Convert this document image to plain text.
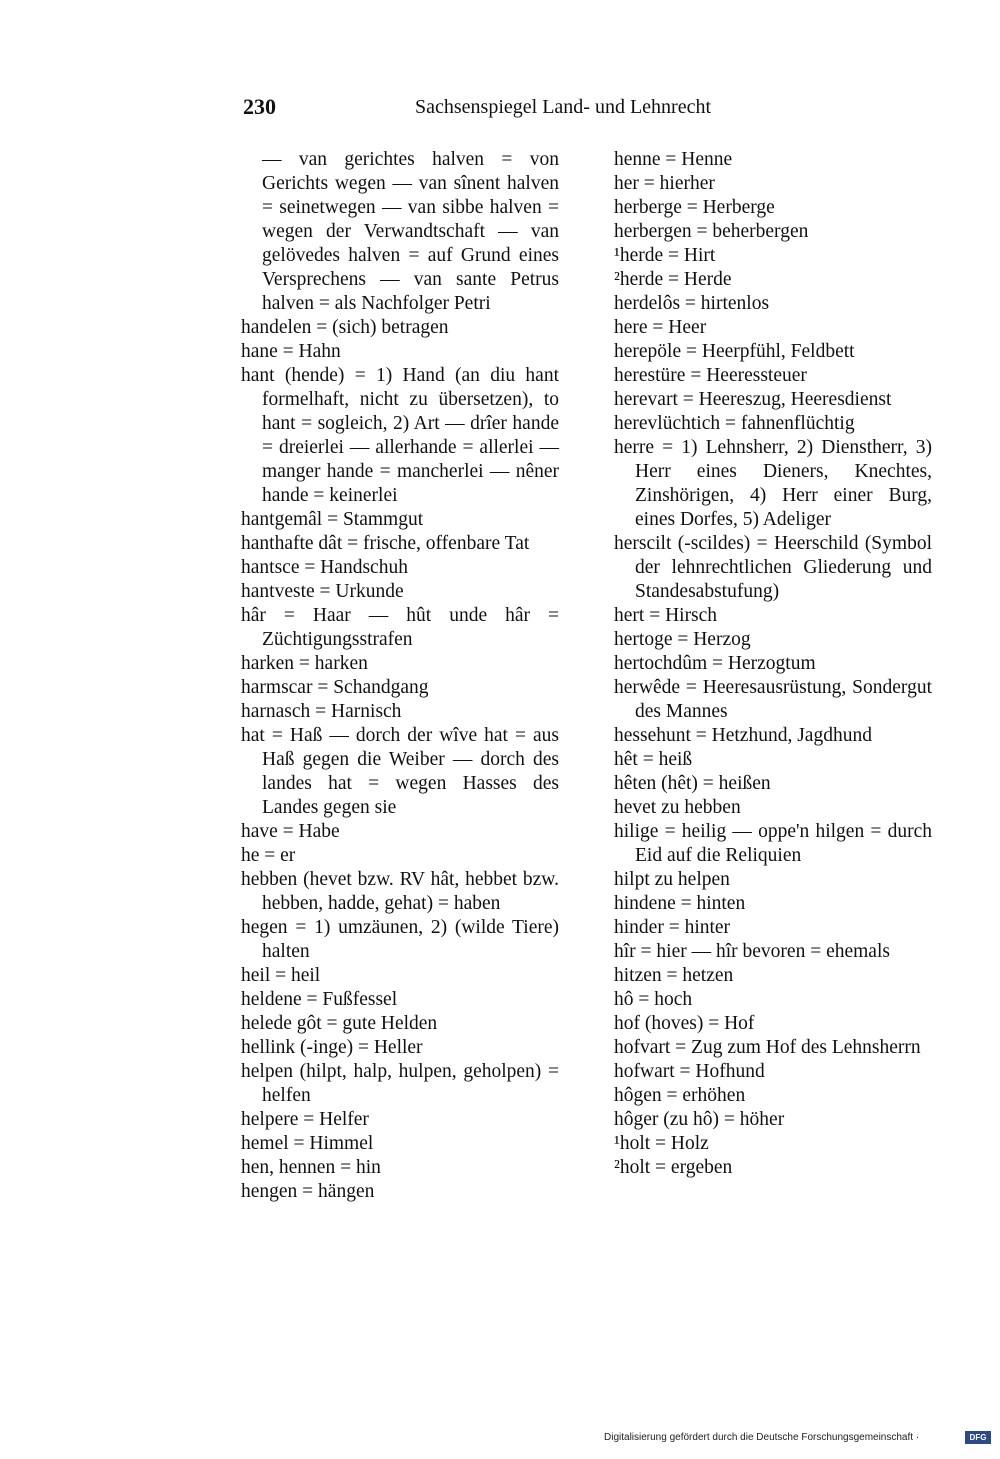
230	Sachsenspiegel Land- und Lehnrecht
— van gerichtes halven = von Gerichts wegen — van sînent halven = seinetwegen — van sibbe halven = wegen der Verwandtschaft — van gelövedes halven = auf Grund eines Versprechens — van sante Petrus halven = als Nachfolger Petri
handelen = (sich) betragen
hane = Hahn
hant (hende) = 1) Hand (an diu hant formelhaft, nicht zu übersetzen), to hant = sogleich, 2) Art — drîer hande = dreierlei — allerhande = allerlei — manger hande = mancherlei — nêner hande = keinerlei
hantgemâl = Stammgut
hanthafte dât = frische, offenbare Tat
hantsce = Handschuh
hantveste = Urkunde
hâr = Haar — hût unde hâr = Züchtigungsstrafen
harken = harken
harmscar = Schandgang
harnasch = Harnisch
hat = Haß — dorch der wîve hat = aus Haß gegen die Weiber — dorch des landes hat = wegen Hasses des Landes gegen sie
have = Habe
he = er
hebben (hevet bzw. RV hât, hebbet bzw. hebben, hadde, gehat) = haben
hegen = 1) umzäunen, 2) (wilde Tiere) halten
heil = heil
heldene = Fußfessel
helede gôt = gute Helden
hellink (-inge) = Heller
helpen (hilpt, halp, hulpen, geholpen) = helfen
helpere = Helfer
hemel = Himmel
hen, hennen = hin
hengen = hängen
henne = Henne
her = hierher
herberge = Herberge
herbergen = beherbergen
¹herde = Hirt
²herde = Herde
herdelôs = hirtenlos
here = Heer
herepöle = Heerpfühl, Feldbett
herestüre = Heeressteuer
herevart = Heereszug, Heeresdienst
herevlüchtich = fahnenflüchtig
herre = 1) Lehnsherr, 2) Dienstherr, 3) Herr eines Dieners, Knechtes, Zinshörigen, 4) Herr einer Burg, eines Dorfes, 5) Adeliger
herscilt (-scildes) = Heerschild (Symbol der lehnrechtlichen Gliederung und Standesabstufung)
hert = Hirsch
hertoge = Herzog
hertochdûm = Herzogtum
herwêde = Heeresausrüstung, Sondergut des Mannes
hessehunt = Hetzhund, Jagdhund
hêt = heiß
hêten (hêt) = heißen
hevet zu hebben
hilige = heilig — oppe'n hilgen = durch Eid auf die Reliquien
hilpt zu helpen
hindene = hinten
hinder = hinter
hîr = hier — hîr bevoren = ehemals
hitzen = hetzen
hô = hoch
hof (hoves) = Hof
hofvart = Zug zum Hof des Lehnsherrn
hofwart = Hofhund
hôgen = erhöhen
hôger (zu hô) = höher
¹holt = Holz
²holt = ergeben
Digitalisierung gefördert durch die Deutsche Forschungsgemeinschaft ·	DFG
